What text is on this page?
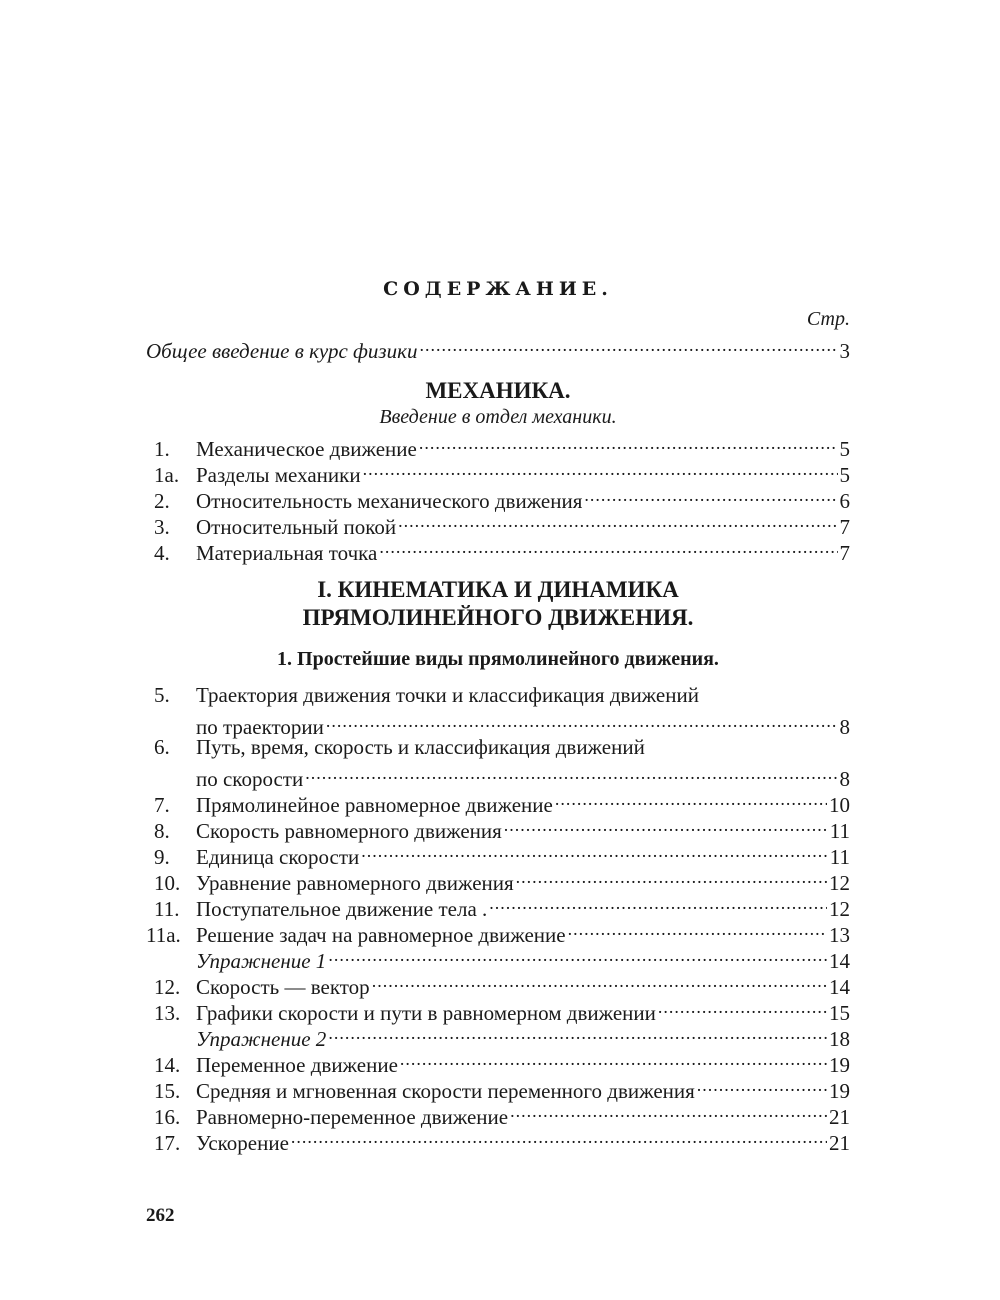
СОДЕРЖАНИЕ.
Стр.
Общее введение в курс физики .....	3
МЕХАНИКА.
Введение в отдел механики.
1.	Механическое движение .....	5
1а. Разделы механики .....	5
2.	Относительность механического движения .....	6
3.	Относительный покой .....	7
4.	Материальная точка .....	7
I. КИНЕМАТИКА И ДИНАМИКА
ПРЯМОЛИНЕЙНОГО ДВИЖЕНИЯ.
1. Простейшие виды прямолинейного движения.
5.	Траектория движения точки и классификация движений
по траектории .....	8
6.	Путь, время, скорость и классификация движений
по скорости .....	8
7.	Прямолинейное равномерное движение .....	10
8.	Скорость равномерного движения .....	11
9.	Единица скорости .....	11
10. Уравнение равномерного движения .....	12
11. Поступательное движение тела . .....	12
11а. Решение задач на равномерное движение .....	13
Упражнение 1 .....	14
12. Скорость — вектор .....	14
13. Графики скорости и пути в равномерном движении .....	15
Упражнение 2 .....	18
14. Переменное движение .....	19
15. Средняя и мгновенная скорости переменного движения .....	19
16. Равномерно-переменное движение .....	21
17. Ускорение .....	21
262
